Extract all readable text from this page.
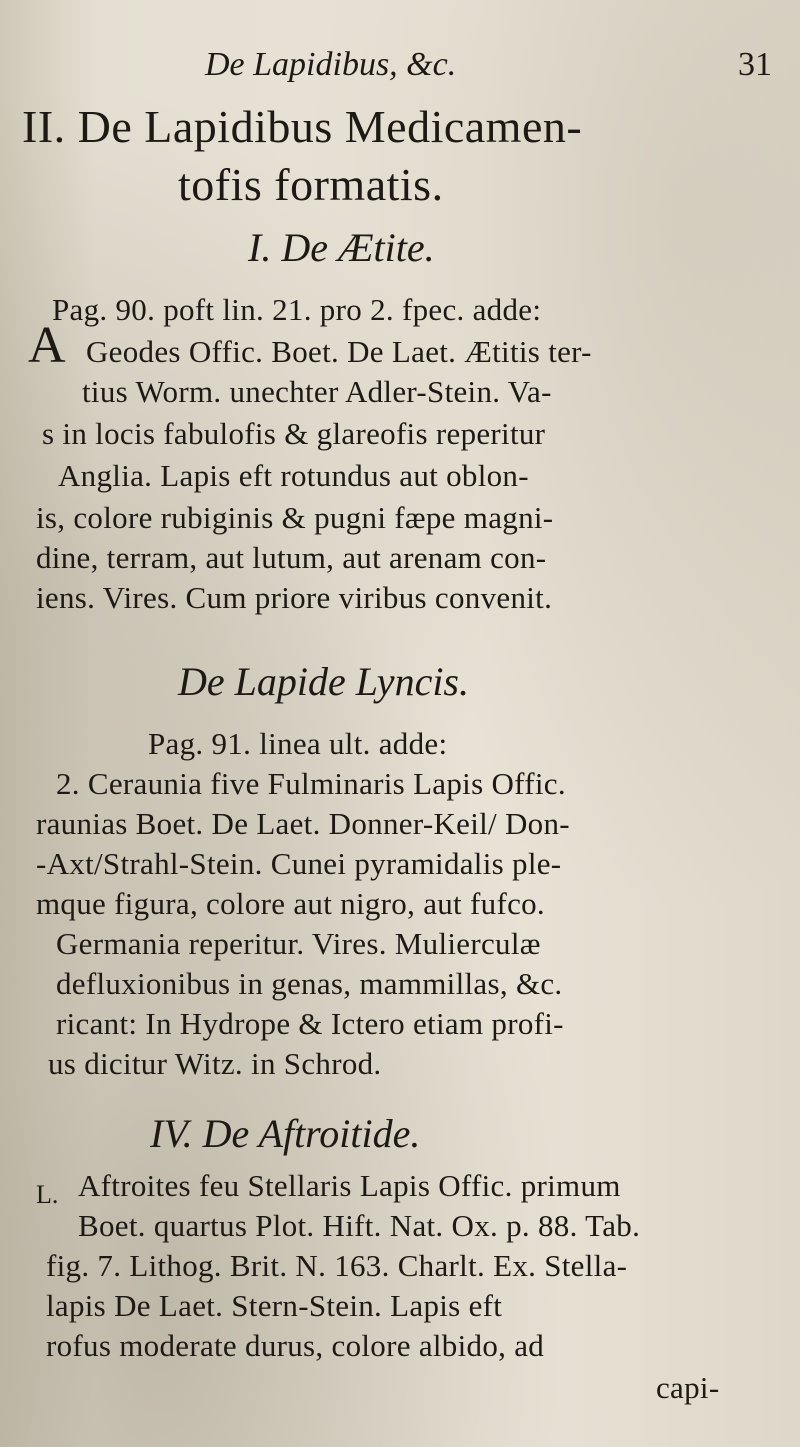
De Lapidibus, &c.	31
II. De Lapidibus Medicamen-
tofis formatis.
I. De Ætite.
Pag. 90. poft lin. 21. pro 2. fpec. adde:
A Geodes Offic. Boet. De Laet. Ætitis ter-
tius Worm. unechter Adler-Stein. Va-
s in locis fabulofis & glareofis reperitur
Anglia. Lapis eft rotundus aut oblon-
is, colore rubiginis & pugni fæpe magni-
dine, terram, aut lutum, aut arenam con-
iens. Vires. Cum priore viribus convenit.
De Lapide Lyncis.
Pag. 91. linea ult. adde:
2. Ceraunia five Fulminaris Lapis Offic.
raunias Boet. De Laet. Donner-Keil/ Don-
-Axt/Strahl-Stein. Cunei pyramidalis ple-
mque figura, colore aut nigro, aut fufco.
Germania reperitur. Vires. Mulierculæ
defluxionibus in genas, mammillas, &c.
ricant: In Hydrope & Ictero etiam profi-
us dicitur Witz. in Schrod.
IV. De Aftroitide.
L. Aftroites feu Stellaris Lapis Offic. primum
Boet. quartus Plot. Hift. Nat. Ox. p. 88. Tab.
fig. 7. Lithog. Brit. N. 163. Charlt. Ex. Stella-
lapis De Laet. Stern-Stein. Lapis eft
rofus moderate durus, colore albido, ad
capi-
